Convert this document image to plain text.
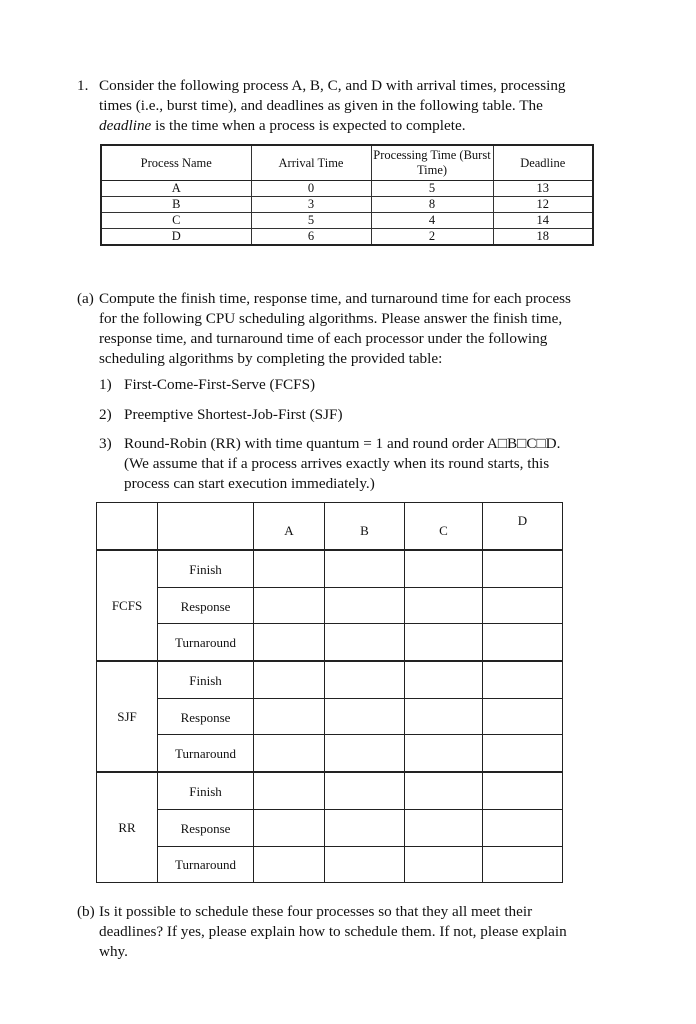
1. Consider the following process A, B, C, and D with arrival times, processing
times (i.e., burst time), and deadlines as given in the following table. The
deadline is the time when a process is expected to complete.
Process Name	Arrival Time	Processing Time (Burst Time)	Deadline
A	0	5	13
B	3	8	12
C	5	4	14
D	6	2	18
(a) Compute the finish time, response time, and turnaround time for each process
for the following CPU scheduling algorithms. Please answer the finish time,
response time, and turnaround time of each processor under the following
scheduling algorithms by completing the provided table:
1) First-Come-First-Serve (FCFS)
2) Preemptive Shortest-Job-First (SJF)
3) Round-Robin (RR) with time quantum = 1 and round order A□B□C□D.
(We assume that if a process arrives exactly when its round starts, this
process can start execution immediately.)
		A	B	C	D
FCFS	Finish				
	Response				
	Turnaround				
SJF	Finish				
	Response				
	Turnaround				
RR	Finish				
	Response				
	Turnaround				
(b) Is it possible to schedule these four processes so that they all meet their
deadlines? If yes, please explain how to schedule them. If not, please explain
why.
